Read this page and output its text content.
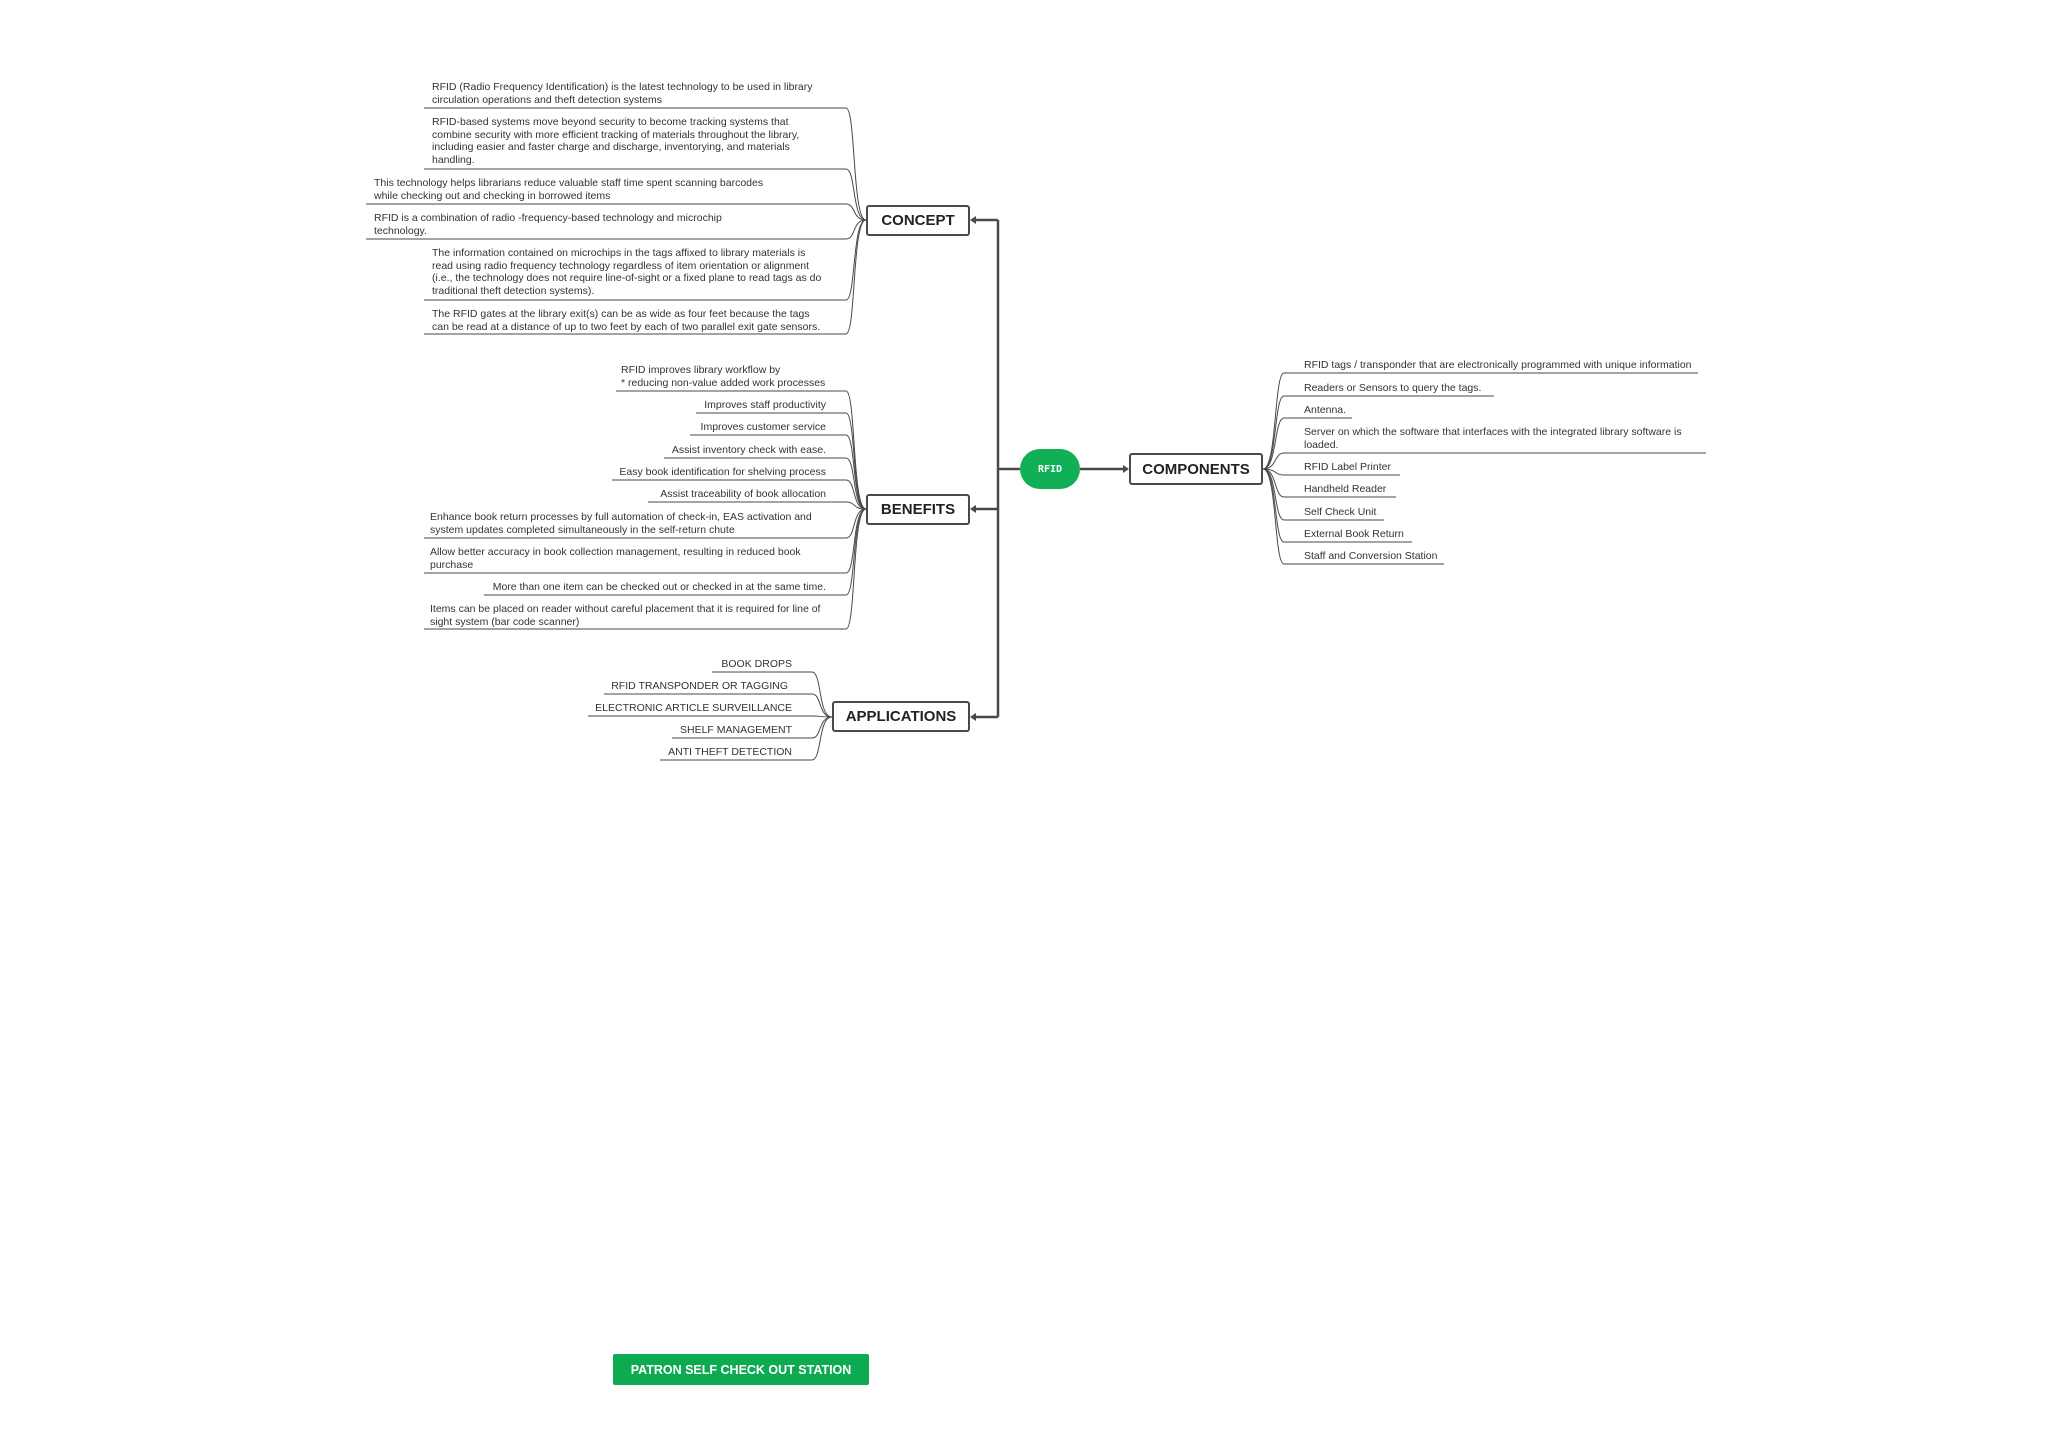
RFID
CONCEPT
BENEFITS
APPLICATIONS
COMPONENTS
RFID (Radio Frequency Identification) is the latest technology to be used in library
circulation operations and theft detection systems
RFID-based systems move beyond security to become tracking systems that
combine security with more efficient tracking of materials throughout the library,
including easier and faster charge and discharge, inventorying, and materials
handling.
This technology helps librarians reduce valuable staff time spent scanning barcodes
while checking out and checking in borrowed items
RFID is a combination of radio -frequency-based technology and microchip
technology.
The information contained on microchips in the tags affixed to library materials is
read using radio frequency technology regardless of item orientation or alignment
(i.e., the technology does not require line-of-sight or a fixed plane to read tags as do
traditional theft detection systems).
The RFID gates at the library exit(s) can be as wide as four feet because the tags
can be read at a distance of up to two feet by each of two parallel exit gate sensors.
RFID improves library workflow by
* reducing non-value added work processes
Improves staff productivity
Improves customer service
Assist inventory check with ease.
Easy book identification for shelving process
Assist traceability of book allocation
Enhance book return processes by full automation of check-in, EAS activation and
system updates completed simultaneously in the self-return chute
Allow better accuracy in book collection management, resulting in reduced book
purchase
More than one item can be checked out or checked in at the same time.
Items can be placed on reader without careful placement that it is required for line of
sight system (bar code scanner)
BOOK DROPS
RFID TRANSPONDER OR TAGGING
ELECTRONIC ARTICLE SURVEILLANCE
SHELF MANAGEMENT
ANTI THEFT DETECTION
RFID tags / transponder that are electronically programmed with unique information
Readers or Sensors to query the tags.
Antenna.
Server on which the software that interfaces with the integrated library software is
loaded.
RFID Label Printer
Handheld Reader
Self Check Unit
External Book Return
Staff and Conversion Station
PATRON SELF CHECK OUT STATION
